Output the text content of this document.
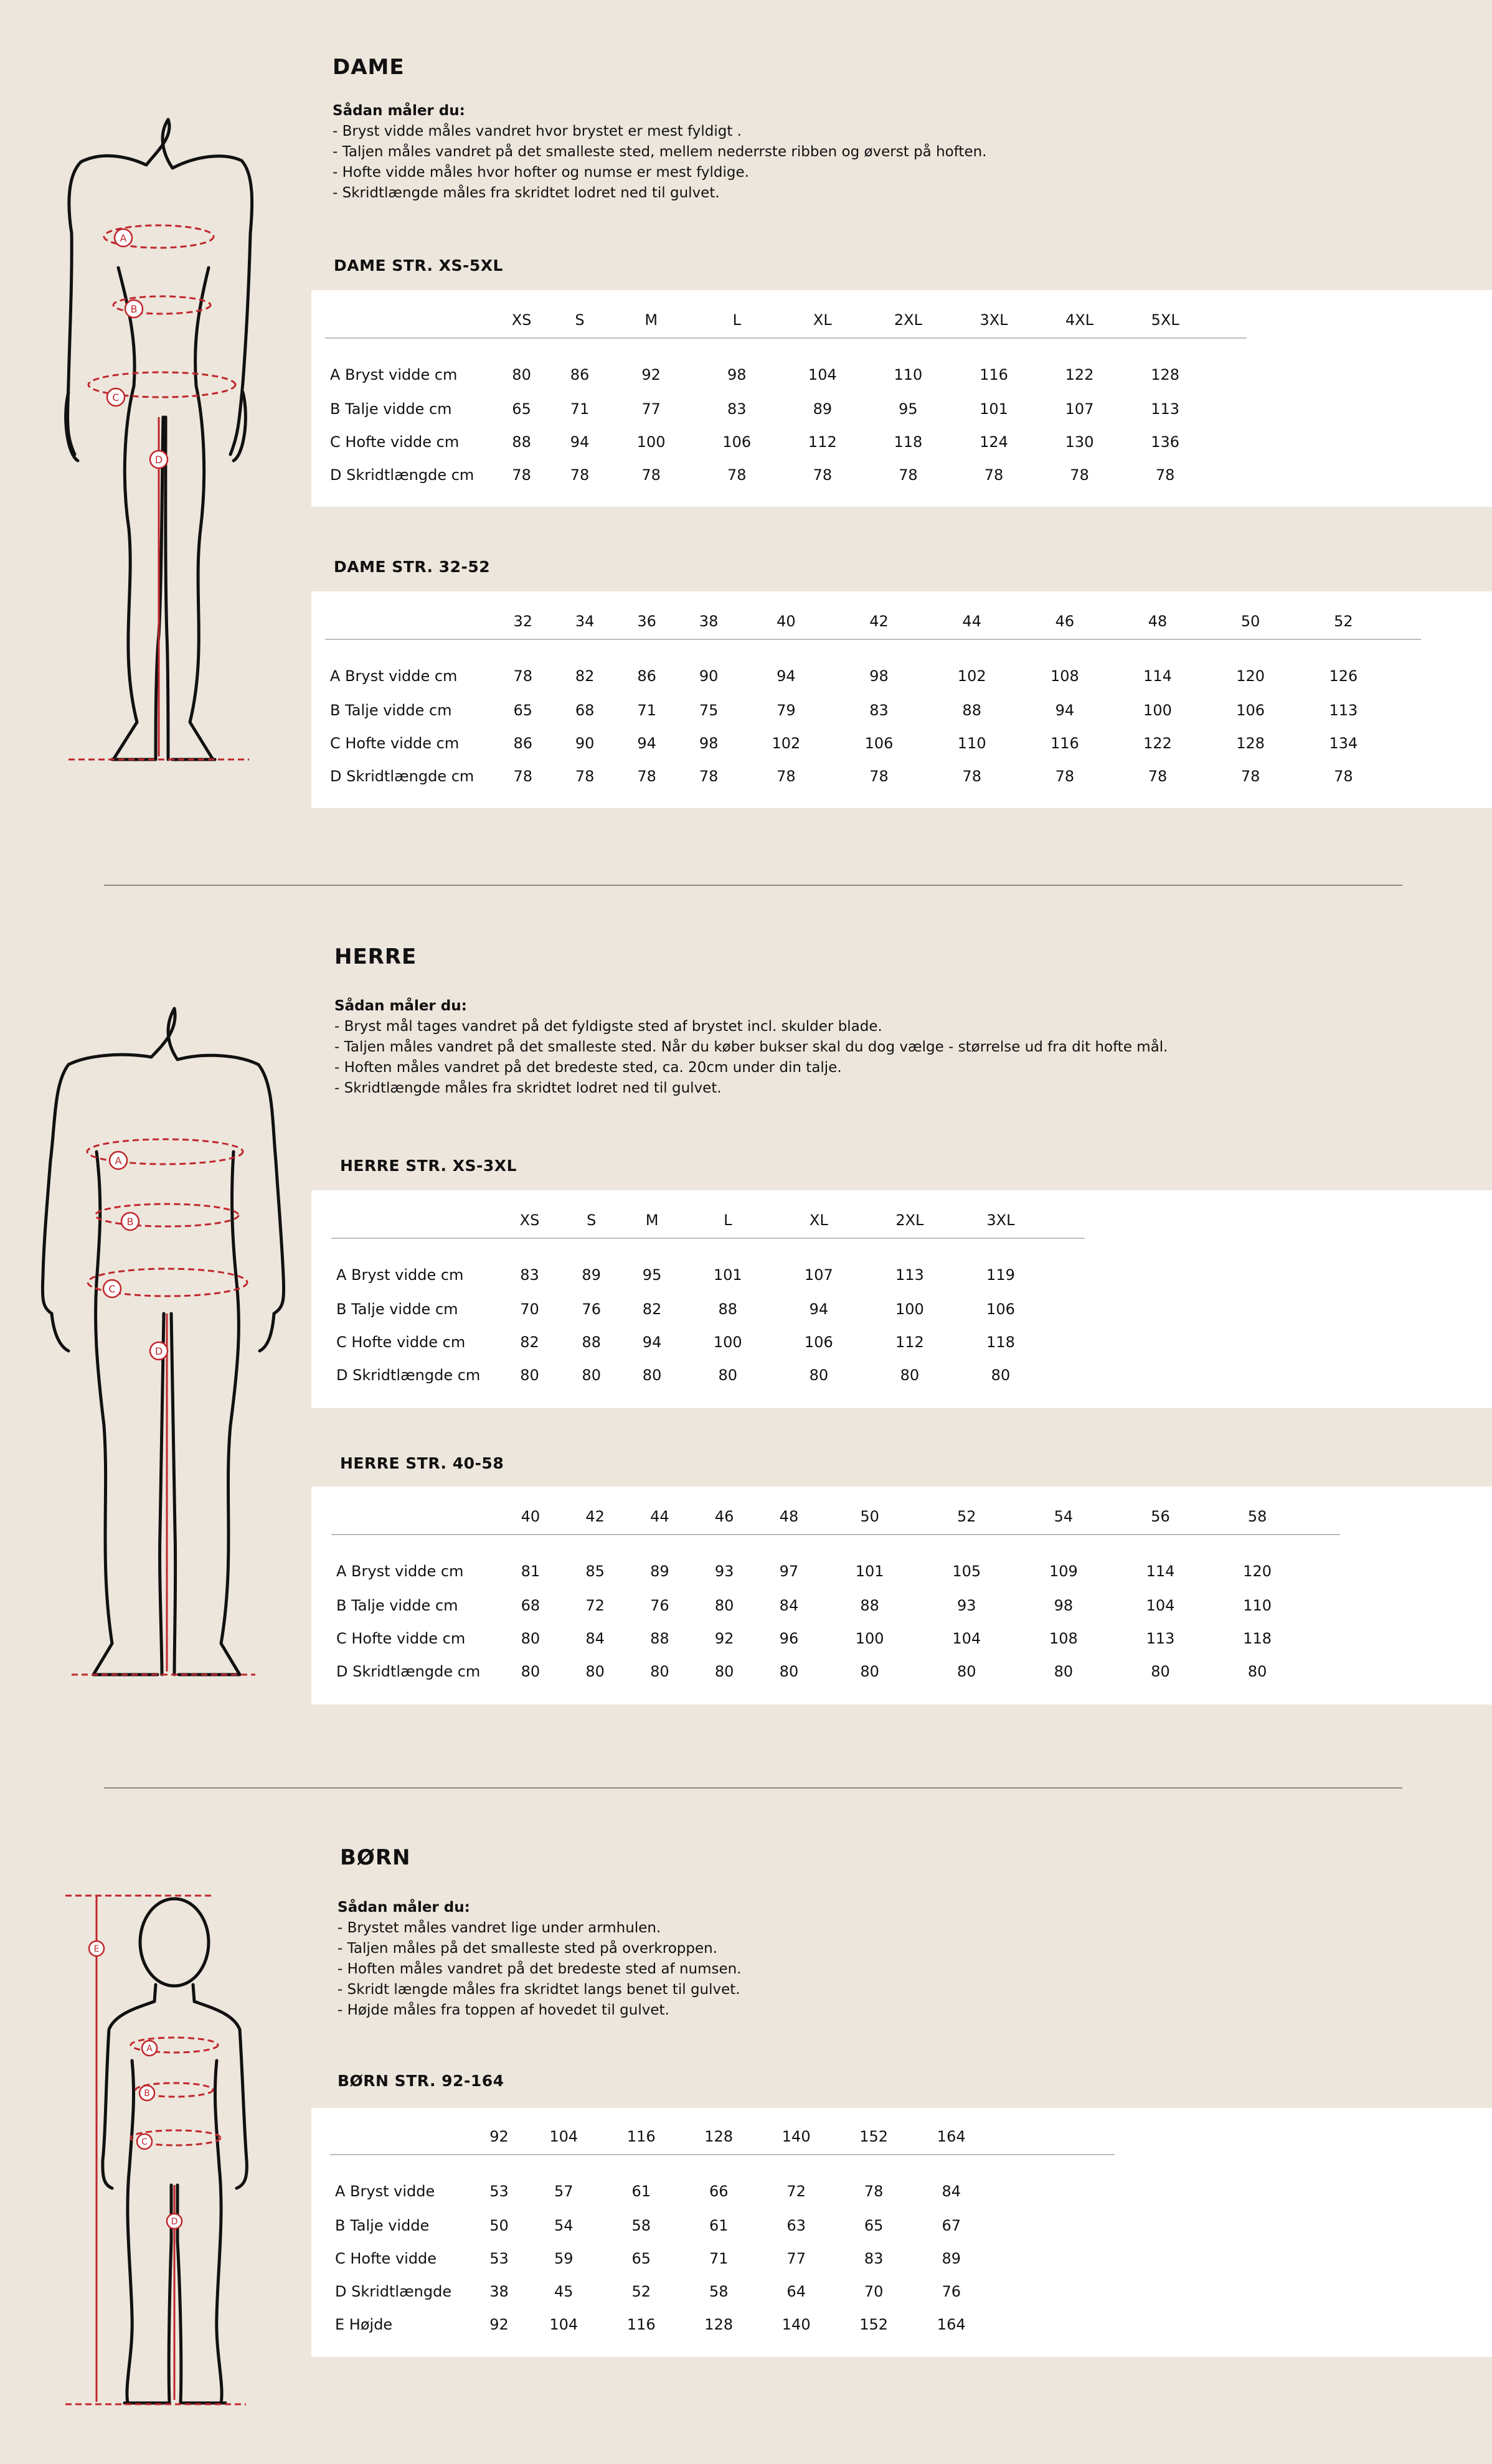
A
B
C
D
DAME
Sådan måler du:
- Bryst vidde måles vandret hvor brystet er mest fyldigt .
- Taljen måles vandret på det smalleste sted, mellem nederrste ribben og øverst på hoften.
- Hofte vidde måles hvor hofter og numse er mest fyldige.
- Skridtlængde måles fra skridtet lodret ned til gulvet.
DAME STR. XS-5XL
	XS	S	M	L	XL	2XL	3XL	4XL	5XL	
A Bryst vidde cm	80	86	92	98	104	110	116	122	128	
B Talje vidde cm	65	71	77	83	89	95	101	107	113	
C Hofte vidde cm	88	94	100	106	112	118	124	130	136	
D Skridtlængde cm	78	78	78	78	78	78	78	78	78	
DAME STR. 32-52
	32	34	36	38	40	42	44	46	48	50	52	
A Bryst vidde cm	78	82	86	90	94	98	102	108	114	120	126	
B Talje vidde cm	65	68	71	75	79	83	88	94	100	106	113	
C Hofte vidde cm	86	90	94	98	102	106	110	116	122	128	134	
D Skridtlængde cm	78	78	78	78	78	78	78	78	78	78	78	
A
B
C
D
HERRE
Sådan måler du:
- Bryst mål tages vandret på det fyldigste sted af brystet incl. skulder blade.
- Taljen måles vandret på det smalleste sted. Når du køber bukser skal du dog vælge - størrelse ud fra dit hofte mål.
- Hoften måles vandret på det bredeste sted, ca. 20cm under din talje.
- Skridtlængde måles fra skridtet lodret ned til gulvet.
HERRE STR. XS-3XL
	XS	S	M	L	XL	2XL	3XL	
A Bryst vidde cm	83	89	95	101	107	113	119	
B Talje vidde cm	70	76	82	88	94	100	106	
C Hofte vidde cm	82	88	94	100	106	112	118	
D Skridtlængde cm	80	80	80	80	80	80	80	
HERRE STR. 40-58
	40	42	44	46	48	50	52	54	56	58	
A Bryst vidde cm	81	85	89	93	97	101	105	109	114	120	
B Talje vidde cm	68	72	76	80	84	88	93	98	104	110	
C Hofte vidde cm	80	84	88	92	96	100	104	108	113	118	
D Skridtlængde cm	80	80	80	80	80	80	80	80	80	80	
A
B
C
D
E
BØRN
Sådan måler du:
- Brystet måles vandret lige under armhulen.
- Taljen måles på det smalleste sted på overkroppen.
- Hoften måles vandret på det bredeste sted af numsen.
- Skridt længde måles fra skridtet langs benet til gulvet.
- Højde måles fra toppen af hovedet til gulvet.
BØRN STR. 92-164
	92	104	116	128	140	152	164	
A Bryst vidde	53	57	61	66	72	78	84	
B Talje vidde	50	54	58	61	63	65	67	
C Hofte vidde	53	59	65	71	77	83	89	
D Skridtlængde	38	45	52	58	64	70	76	
E Højde	92	104	116	128	140	152	164	
